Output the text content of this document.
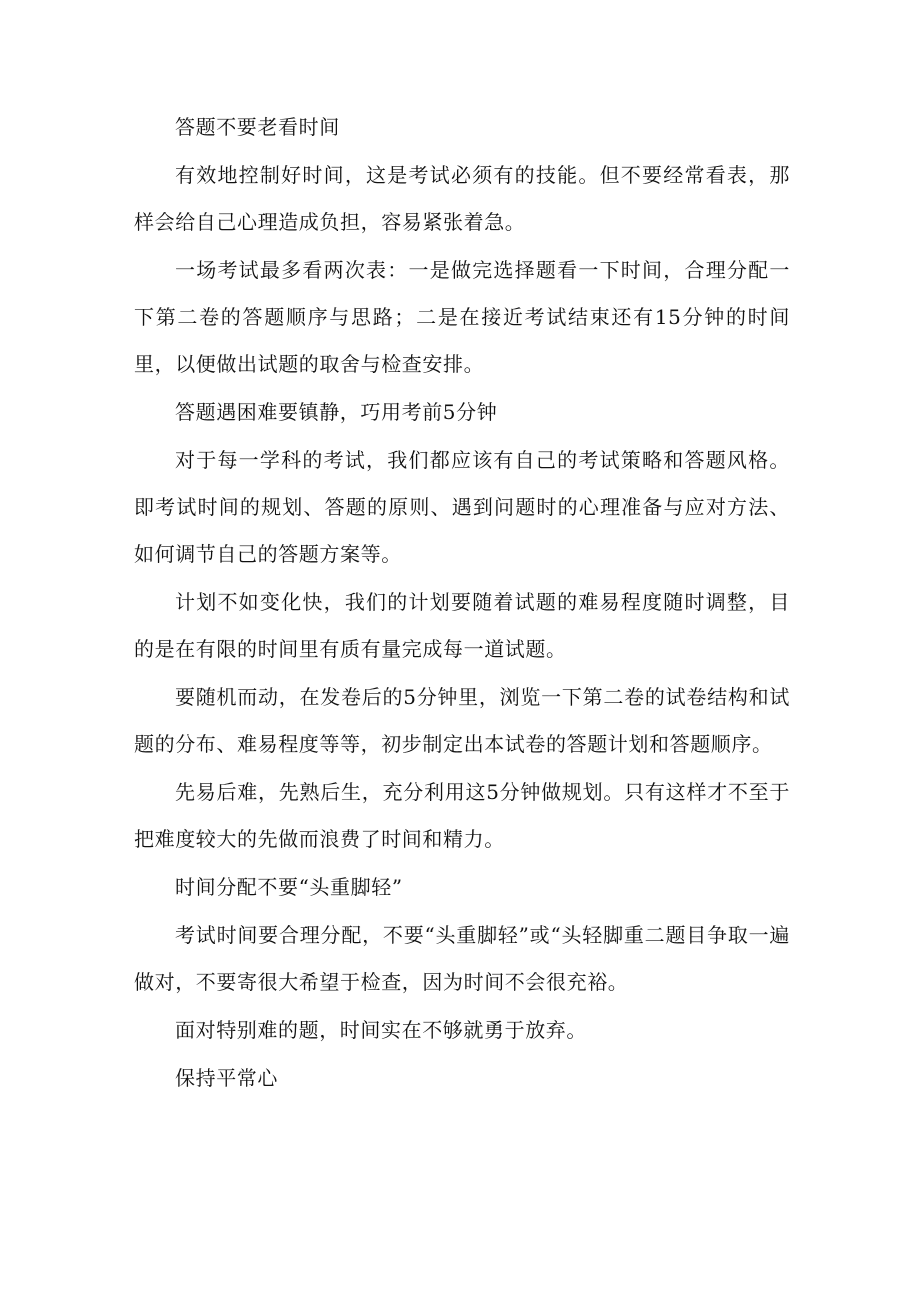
答题不要老看时间

有效地控制好时间，这是考试必须有的技能。但不要经常看表，那样会给自己心理造成负担，容易紧张着急。

一场考试最多看两次表：一是做完选择题看一下时间，合理分配一下第二卷的答题顺序与思路；二是在接近考试结束还有15分钟的时间里，以便做出试题的取舍与检查安排。

答题遇困难要镇静，巧用考前5分钟

对于每一学科的考试，我们都应该有自己的考试策略和答题风格。即考试时间的规划、答题的原则、遇到问题时的心理准备与应对方法、如何调节自己的答题方案等。

计划不如变化快，我们的计划要随着试题的难易程度随时调整，目的是在有限的时间里有质有量完成每一道试题。

要随机而动，在发卷后的5分钟里，浏览一下第二卷的试卷结构和试题的分布、难易程度等等，初步制定出本试卷的答题计划和答题顺序。

先易后难，先熟后生，充分利用这5分钟做规划。只有这样才不至于把难度较大的先做而浪费了时间和精力。

时间分配不要“头重脚轻”

考试时间要合理分配，不要“头重脚轻”或“头轻脚重二题目争取一遍做对，不要寄很大希望于检查，因为时间不会很充裕。

面对特别难的题，时间实在不够就勇于放弃。

保持平常心
